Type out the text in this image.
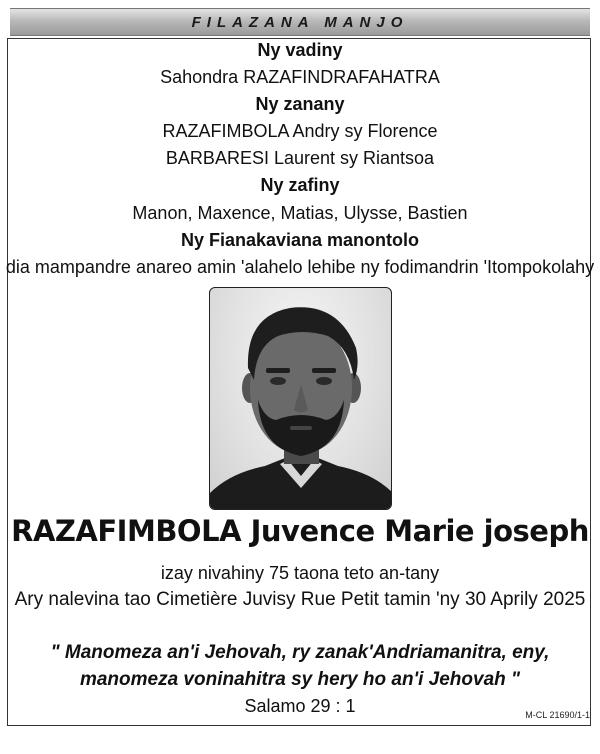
FILAZANA MANJO
Ny vadiny
Sahondra RAZAFINDRAFAHATRA
Ny zanany
RAZAFIMBOLA Andry sy Florence
BARBARESI Laurent sy Riantsoa
Ny zafiny
Manon, Maxence, Matias, Ulysse, Bastien
Ny Fianakaviana manontolo
dia mampandre anareo amin 'alahelo lehibe ny fodimandrin 'Itompokolahy
RAZAFIMBOLA Juvence Marie joseph
izay nivahiny 75 taona teto an-tany
Ary nalevina tao Cimetière Juvisy Rue Petit tamin 'ny 30 Aprily 2025
" Manomeza an'i Jehovah, ry zanak'Andriamanitra, eny,
manomeza voninahitra sy hery ho an'i Jehovah "
Salamo 29 : 1	M-CL 21690/1-1
